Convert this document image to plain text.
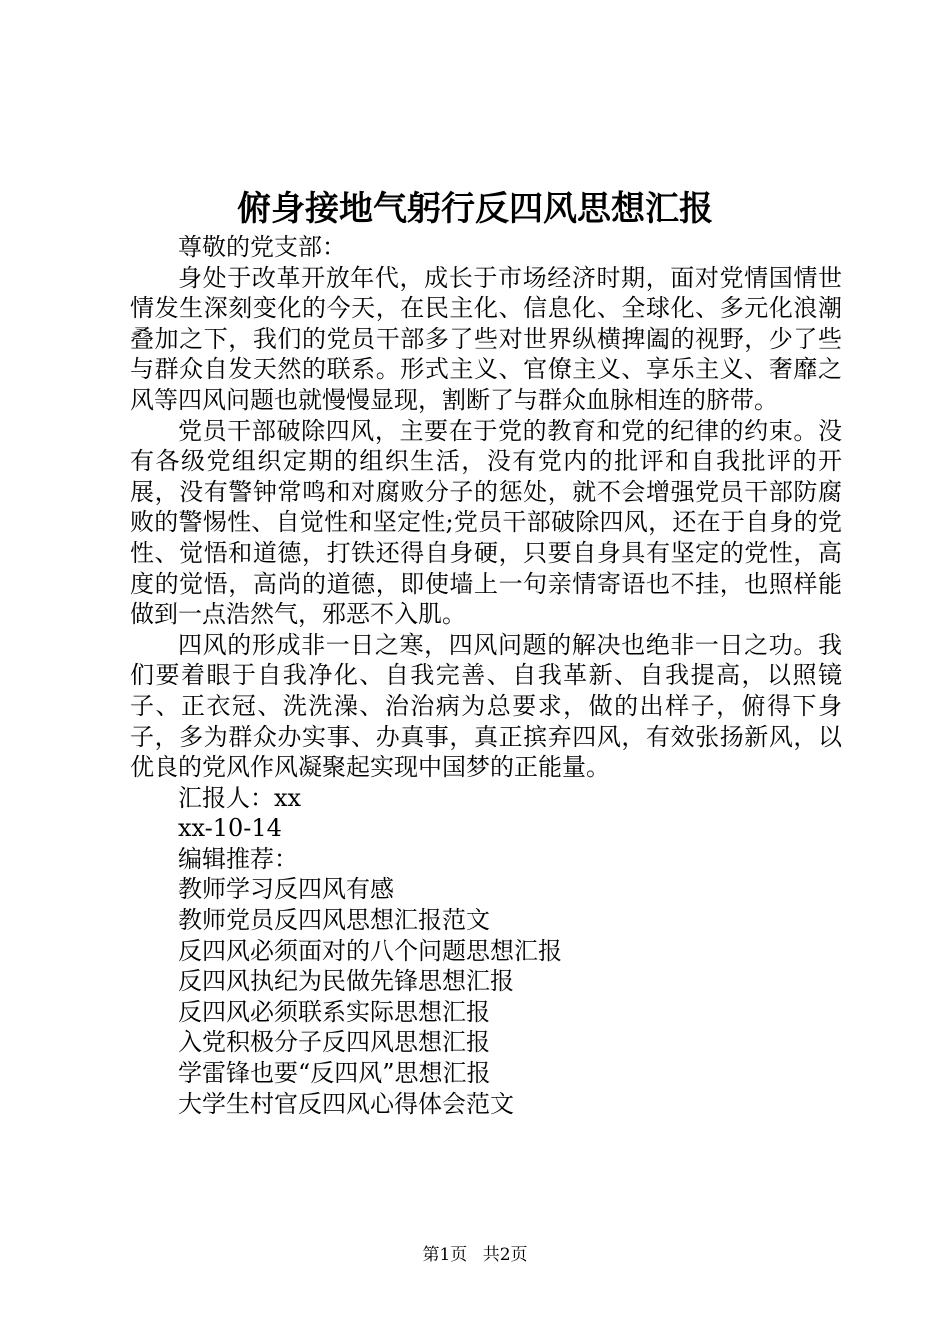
俯身接地气躬行反四风思想汇报

尊敬的党支部：

身处于改革开放年代，成长于市场经济时期，面对党情国情世情发生深刻变化的今天，在民主化、信息化、全球化、多元化浪潮叠加之下，我们的党员干部多了些对世界纵横捭阖的视野，少了些与群众自发天然的联系。形式主义、官僚主义、享乐主义、奢靡之风等四风问题也就慢慢显现，割断了与群众血脉相连的脐带。

党员干部破除四风，主要在于党的教育和党的纪律的约束。没有各级党组织定期的组织生活，没有党内的批评和自我批评的开展，没有警钟常鸣和对腐败分子的惩处，就不会增强党员干部防腐败的警惕性、自觉性和坚定性;党员干部破除四风，还在于自身的党性、觉悟和道德，打铁还得自身硬，只要自身具有坚定的党性，高度的觉悟，高尚的道德，即使墙上一句亲情寄语也不挂，也照样能做到一点浩然气，邪恶不入肌。

四风的形成非一日之寒，四风问题的解决也绝非一日之功。我们要着眼于自我净化、自我完善、自我革新、自我提高，以照镜子、正衣冠、洗洗澡、治治病为总要求，做的出样子，俯得下身子，多为群众办实事、办真事，真正摈弃四风，有效张扬新风，以优良的党风作风凝聚起实现中国梦的正能量。

汇报人：xx

xx-10-14

编辑推荐：

教师学习反四风有感
教师党员反四风思想汇报范文
反四风必须面对的八个问题思想汇报
反四风执纪为民做先锋思想汇报
反四风必须联系实际思想汇报
入党积极分子反四风思想汇报
学雷锋也要“反四风”思想汇报
大学生村官反四风心得体会范文
第1页 共2页
